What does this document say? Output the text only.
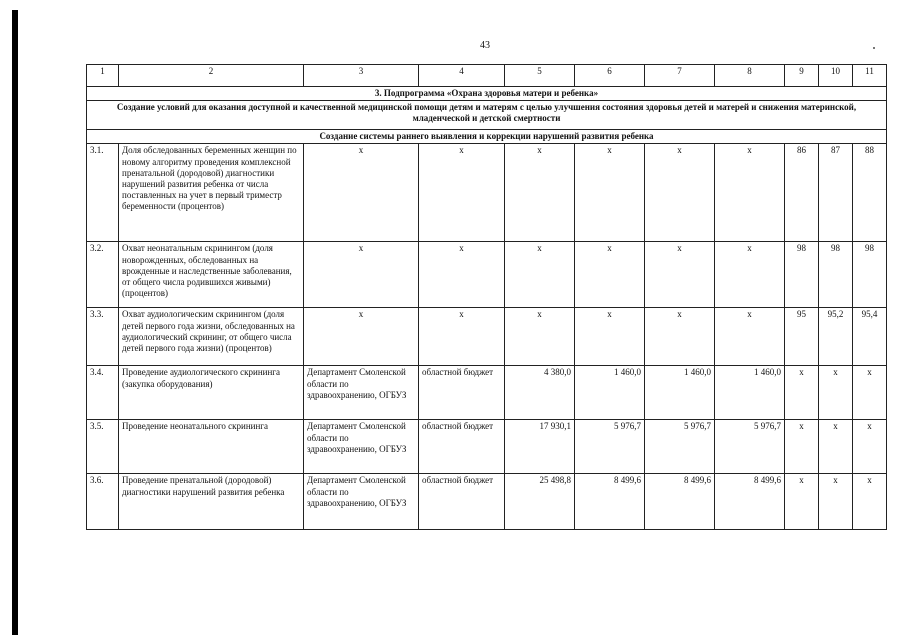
43
1	2	3	4	5	6	7	8	9	10	11
3. Подпрограмма «Охрана здоровья матери и ребенка»										
Создание условий для оказания доступной и качественной медицинской помощи детям и матерям с целью улучшения состояния здоровья детей и матерей и снижения материнской, младенческой и детской смертности										
Создание системы раннего выявления и коррекции нарушений развития ребенка										
3.1.	Доля обследованных беременных женщин по новому алгоритму проведения комплексной пренатальной (дородовой) диагностики нарушений развития ребенка от числа поставленных на учет в первый триместр беременности (процентов)	х	х	х	х	х	х	86	87	88
3.2.	Охват неонатальным скринингом (доля новорожденных, обследованных на врожденные и наследственные заболевания, от общего числа родившихся живыми) (процентов)	х	х	х	х	х	х	98	98	98
3.3.	Охват аудиологическим скринингом (доля детей первого года жизни, обследованных на аудиологический скрининг, от общего числа детей первого года жизни) (процентов)	х	х	х	х	х	х	95	95,2	95,4
3.4.	Проведение аудиологического скрининга (закупка оборудования)	Департамент Смоленской области по здравоохранению, ОГБУЗ	областной бюджет	4 380,0	1 460,0	1 460,0	1 460,0	х	х	х
3.5.	Проведение неонатального скрининга	Департамент Смоленской области по здравоохранению, ОГБУЗ	областной бюджет	17 930,1	5 976,7	5 976,7	5 976,7	х	х	х
3.6.	Проведение пренатальной (дородовой) диагностики нарушений развития ребенка	Департамент Смоленской области по здравоохранению, ОГБУЗ	областной бюджет	25 498,8	8 499,6	8 499,6	8 499,6	х	х	х
